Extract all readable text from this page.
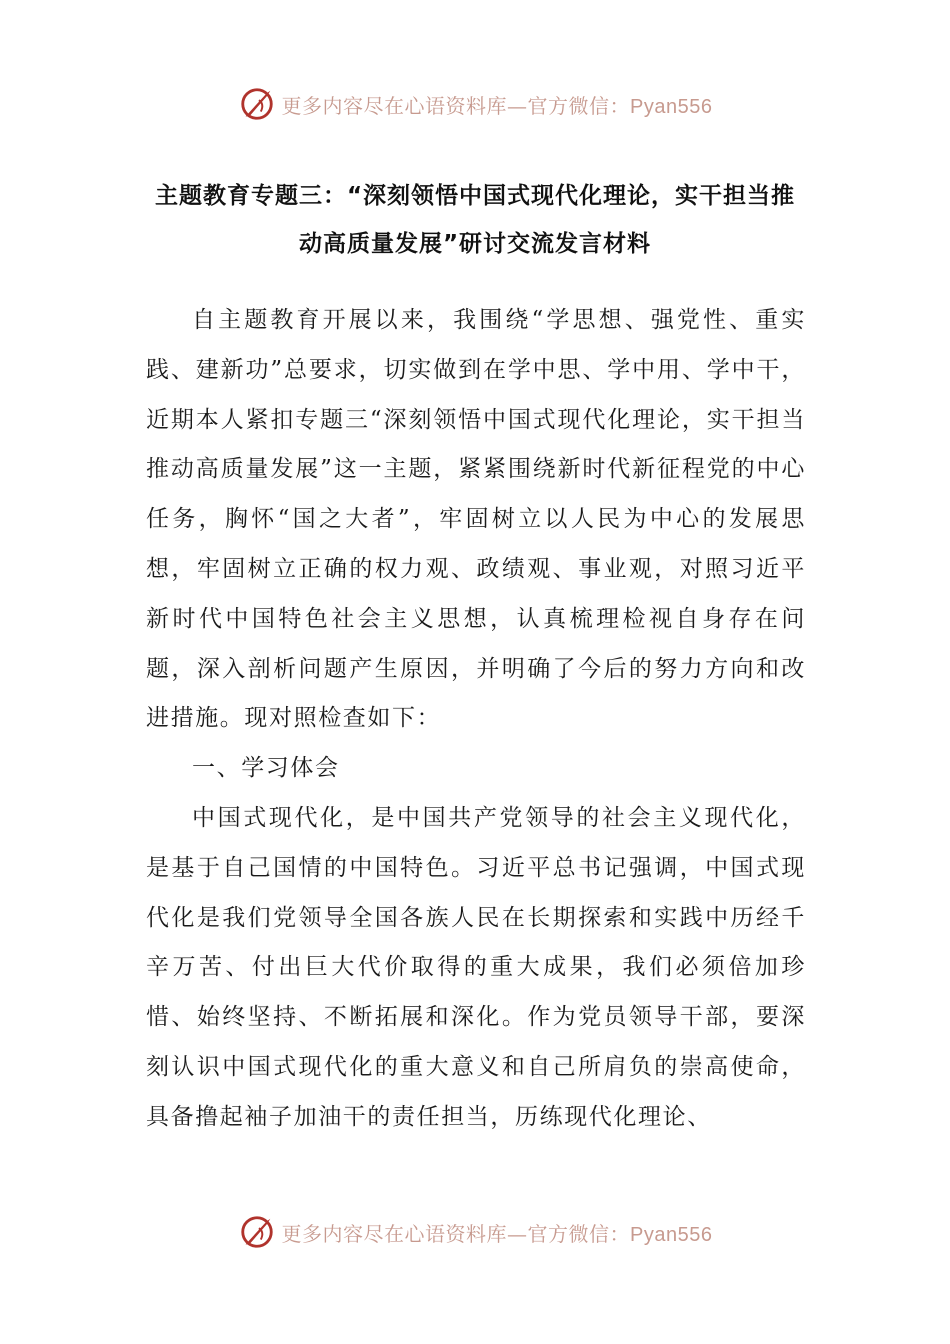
更多内容尽在心语资料库—官方微信：Pyan556
主题教育专题三：“深刻领悟中国式现代化理论，实干担当推动高质量发展”研讨交流发言材料

自主题教育开展以来，我围绕“学思想、强党性、重实践、建新功”总要求，切实做到在学中思、学中用、学中干，近期本人紧扣专题三“深刻领悟中国式现代化理论，实干担当推动高质量发展”这一主题，紧紧围绕新时代新征程党的中心任务，胸怀“国之大者”，牢固树立以人民为中心的发展思想，牢固树立正确的权力观、政绩观、事业观，对照习近平新时代中国特色社会主义思想，认真梳理检视自身存在问题，深入剖析问题产生原因，并明确了今后的努力方向和改进措施。现对照检查如下：

一、学习体会

中国式现代化，是中国共产党领导的社会主义现代化，是基于自己国情的中国特色。习近平总书记强调，中国式现代化是我们党领导全国各族人民在长期探索和实践中历经千辛万苦、付出巨大代价取得的重大成果，我们必须倍加珍惜、始终坚持、不断拓展和深化。作为党员领导干部，要深刻认识中国式现代化的重大意义和自己所肩负的崇高使命，具备撸起袖子加油干的责任担当，历练现代化理论、

更多内容尽在心语资料库—官方微信：Pyan556
